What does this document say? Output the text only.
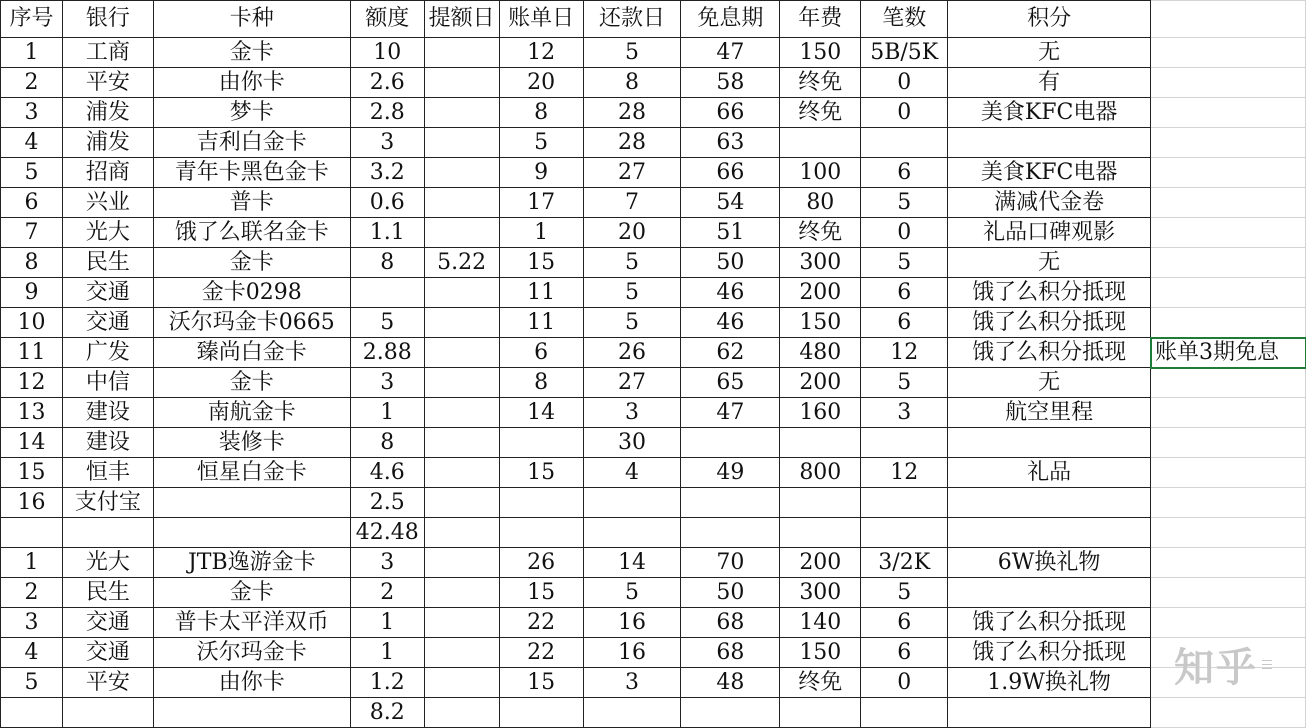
序号	银行	卡种	额度	提额日	账单日	还款日	免息期	年费	笔数	积分	
1	工商	金卡	10		12	5	47	150	5B/5K	无	
2	平安	由你卡	2.6		20	8	58	终免	0	有	
3	浦发	梦卡	2.8		8	28	66	终免	0	美食KFC电器	
4	浦发	吉利白金卡	3		5	28	63				
5	招商	青年卡黑色金卡	3.2		9	27	66	100	6	美食KFC电器	
6	兴业	普卡	0.6		17	7	54	80	5	满减代金卷	
7	光大	饿了么联名金卡	1.1		1	20	51	终免	0	礼品口碑观影	
8	民生	金卡	8	5.22	15	5	50	300	5	无	
9	交通	金卡0298			11	5	46	200	6	饿了么积分抵现	
10	交通	沃尔玛金卡0665	5		11	5	46	150	6	饿了么积分抵现	
11	广发	臻尚白金卡	2.88		6	26	62	480	12	饿了么积分抵现	账单3期免息
12	中信	金卡	3		8	27	65	200	5	无	
13	建设	南航金卡	1		14	3	47	160	3	航空里程	
14	建设	装修卡	8			30					
15	恒丰	恒星白金卡	4.6		15	4	49	800	12	礼品	
16	支付宝		2.5								
			42.48								
1	光大	JTB逸游金卡	3		26	14	70	200	3/2K	6W换礼物	
2	民生	金卡	2		15	5	50	300	5		
3	交通	普卡太平洋双币	1		22	16	68	140	6	饿了么积分抵现	
4	交通	沃尔玛金卡	1		22	16	68	150	6	饿了么积分抵现	
5	平安	由你卡	1.2		15	3	48	终免	0	1.9W换礼物	
			8.2								
知乎
